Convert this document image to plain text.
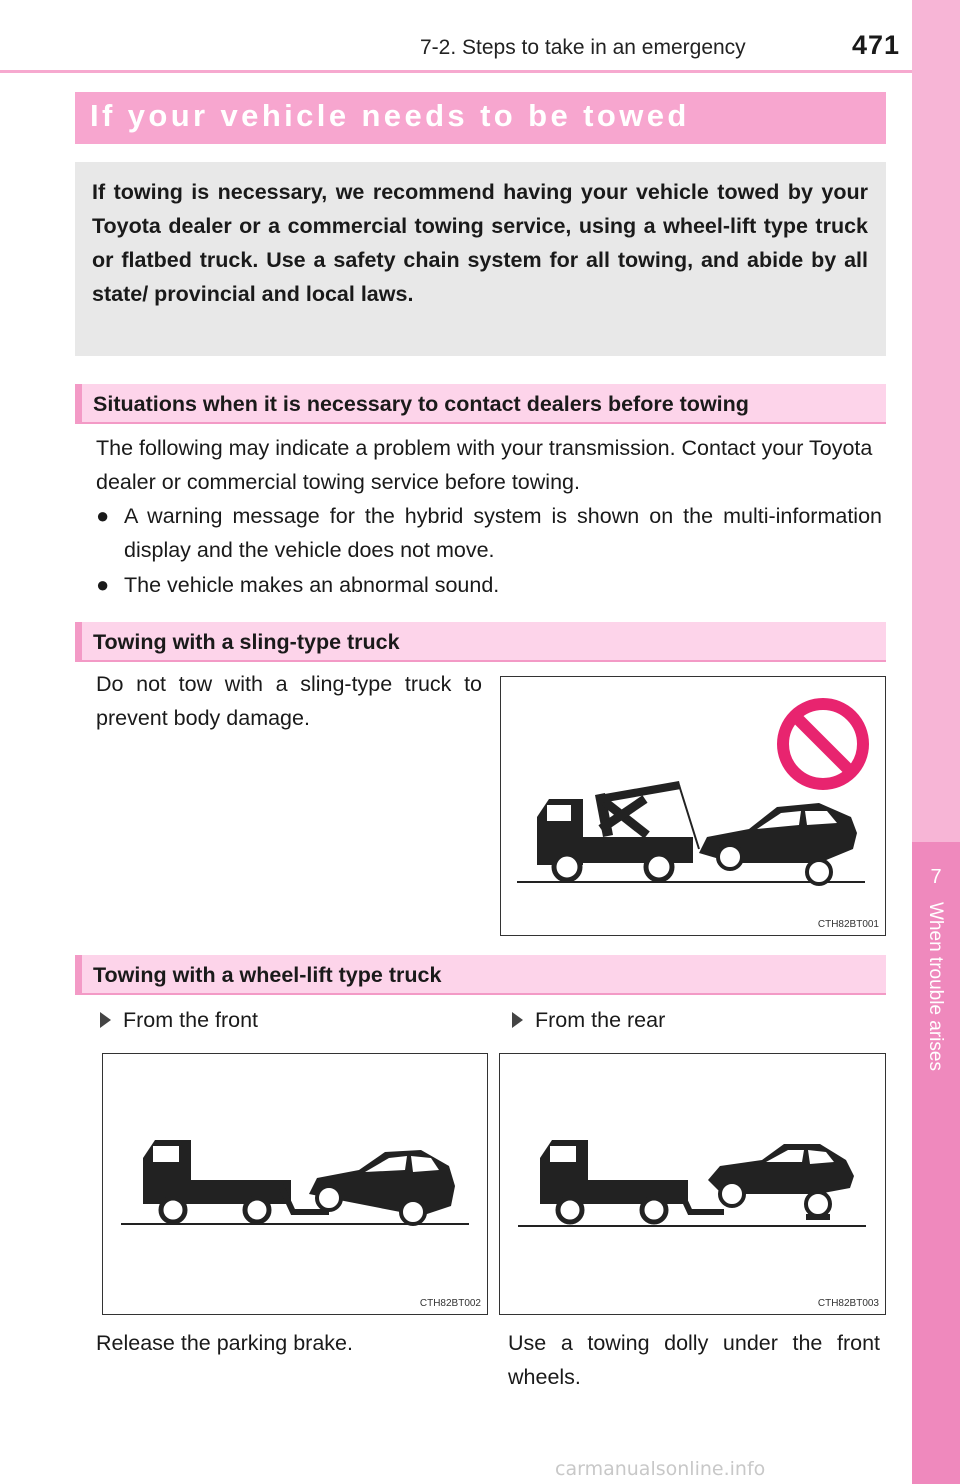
7-2. Steps to take in an emergency	471
7
When trouble arises
If your vehicle needs to be towed

If towing is necessary, we recommend having your vehicle towed by your Toyota dealer or a commercial towing service, using a wheel-lift type truck or flatbed truck. Use a safety chain system for all towing, and abide by all state/ provincial and local laws.

Situations when it is necessary to contact dealers before towing

The following may indicate a problem with your transmission. Contact your Toyota dealer or commercial towing service before towing.

● A warning message for the hybrid system is shown on the multi-information display and the vehicle does not move.

● The vehicle makes an abnormal sound.

Towing with a sling-type truck

Do not tow with a sling-type truck to prevent body damage.

CTH82BT001
Towing with a wheel-lift type truck
From the front	From the rear
CTH82BT002	CTH82BT003

Release the parking brake.	Use a towing dolly under the front wheels.

carmanualsonline.info
